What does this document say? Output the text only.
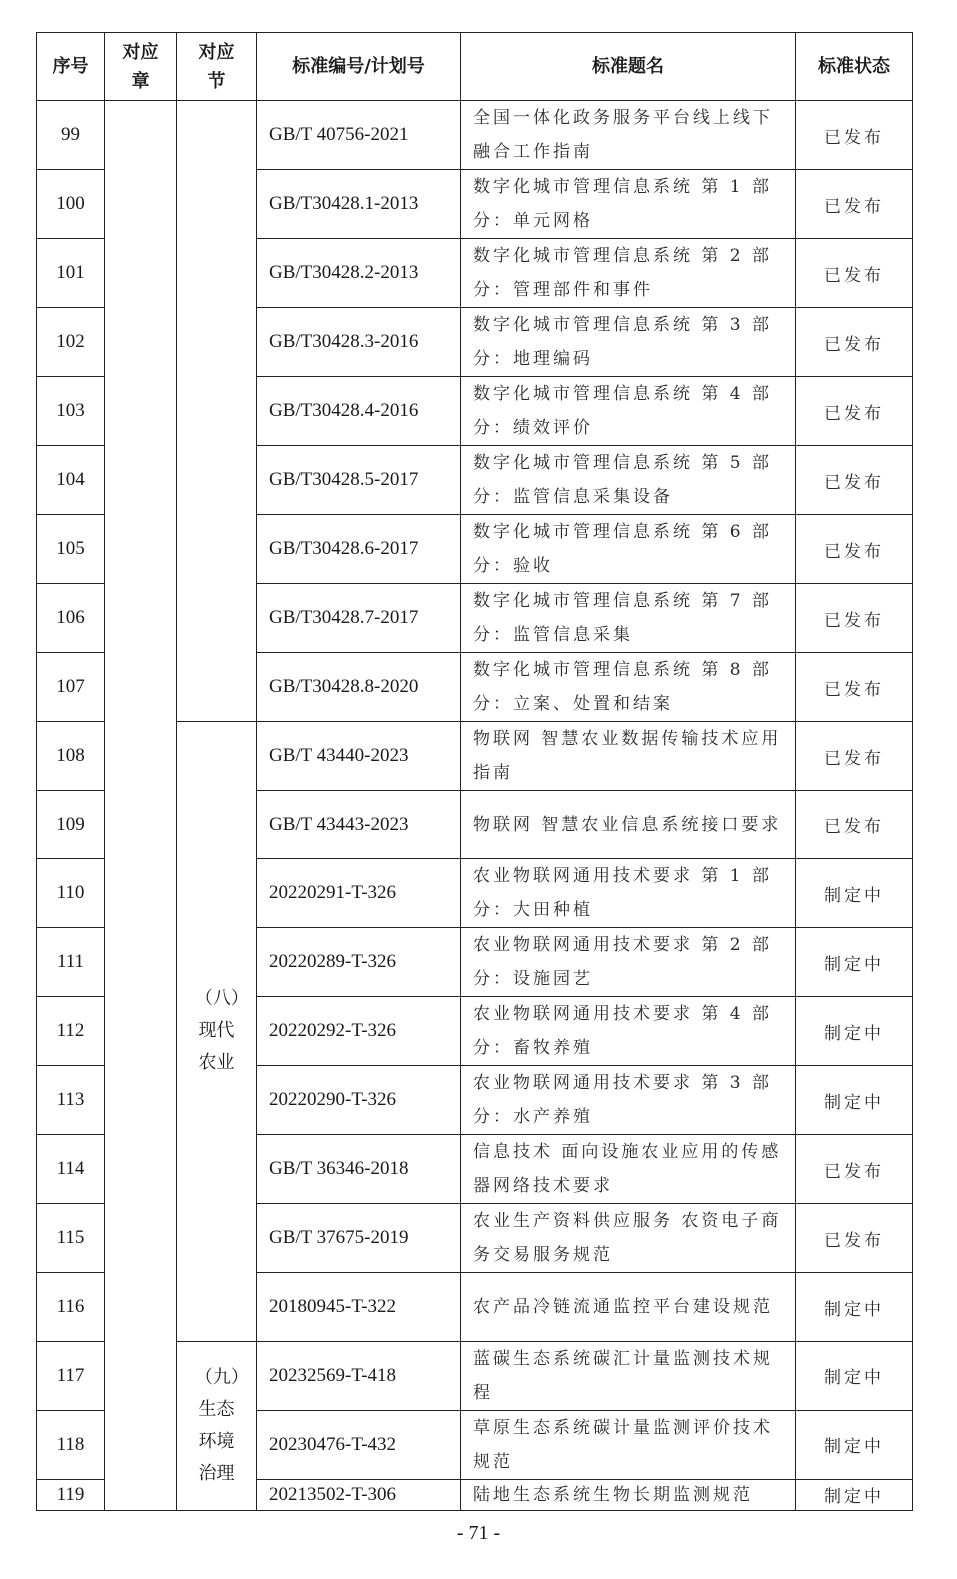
序号	对应章	对应节	标准编号/计划号	标准题名	标准状态
99			GB/T 40756-2021	全国一体化政务服务平台线上线下融合工作指南	已发布
100			GB/T30428.1-2013	数字化城市管理信息系统 第 1 部分：单元网格	已发布
101			GB/T30428.2-2013	数字化城市管理信息系统 第 2 部分：管理部件和事件	已发布
102			GB/T30428.3-2016	数字化城市管理信息系统 第 3 部分：地理编码	已发布
103			GB/T30428.4-2016	数字化城市管理信息系统 第 4 部分：绩效评价	已发布
104			GB/T30428.5-2017	数字化城市管理信息系统 第 5 部分：监管信息采集设备	已发布
105			GB/T30428.6-2017	数字化城市管理信息系统 第 6 部分：验收	已发布
106			GB/T30428.7-2017	数字化城市管理信息系统 第 7 部分：监管信息采集	已发布
107			GB/T30428.8-2020	数字化城市管理信息系统 第 8 部分：立案、处置和结案	已发布
108		（八）现代农业	GB/T 43440-2023	物联网 智慧农业数据传输技术应用指南	已发布
109			GB/T 43443-2023	物联网 智慧农业信息系统接口要求	已发布
110			20220291-T-326	农业物联网通用技术要求 第 1 部分：大田种植	制定中
111			20220289-T-326	农业物联网通用技术要求 第 2 部分：设施园艺	制定中
112			20220292-T-326	农业物联网通用技术要求 第 4 部分：畜牧养殖	制定中
113			20220290-T-326	农业物联网通用技术要求 第 3 部分：水产养殖	制定中
114			GB/T 36346-2018	信息技术 面向设施农业应用的传感器网络技术要求	已发布
115			GB/T 37675-2019	农业生产资料供应服务 农资电子商务交易服务规范	已发布
116			20180945-T-322	农产品冷链流通监控平台建设规范	制定中
117		（九）生态环境治理	20232569-T-418	蓝碳生态系统碳汇计量监测技术规程	制定中
118			20230476-T-432	草原生态系统碳计量监测评价技术规范	制定中
119			20213502-T-306	陆地生态系统生物长期监测规范	制定中
- 71 -
